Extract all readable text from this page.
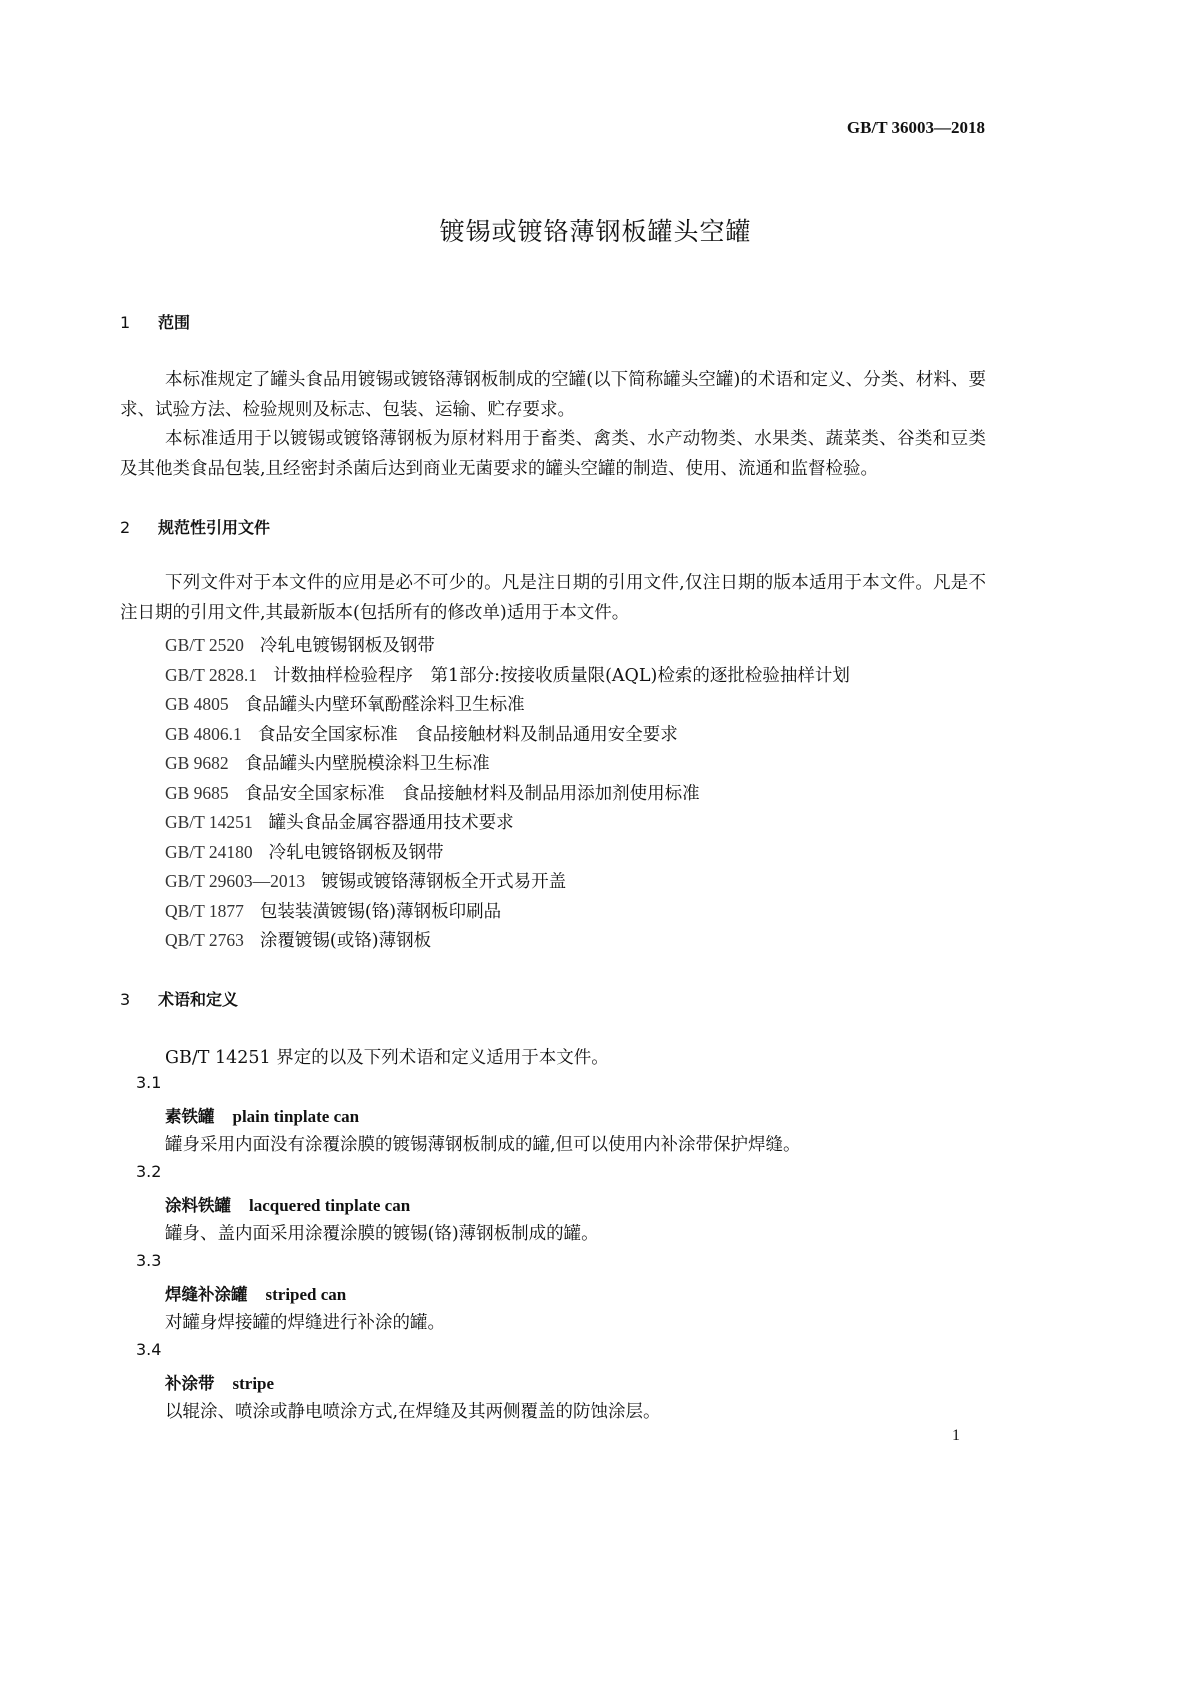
GB/T 36003—2018
镀锡或镀铬薄钢板罐头空罐
1 范围
本标准规定了罐头食品用镀锡或镀铬薄钢板制成的空罐(以下简称罐头空罐)的术语和定义、分类、材料、要求、试验方法、检验规则及标志、包装、运输、贮存要求。
本标准适用于以镀锡或镀铬薄钢板为原材料用于畜类、禽类、水产动物类、水果类、蔬菜类、谷类和豆类及其他类食品包装,且经密封杀菌后达到商业无菌要求的罐头空罐的制造、使用、流通和监督检验。
2 规范性引用文件
下列文件对于本文件的应用是必不可少的。凡是注日期的引用文件,仅注日期的版本适用于本文件。凡是不注日期的引用文件,其最新版本(包括所有的修改单)适用于本文件。
GB/T 2520 冷轧电镀锡钢板及钢带
GB/T 2828.1 计数抽样检验程序　第1部分:按接收质量限(AQL)检索的逐批检验抽样计划
GB 4805 食品罐头内壁环氧酚醛涂料卫生标准
GB 4806.1 食品安全国家标准　食品接触材料及制品通用安全要求
GB 9682 食品罐头内壁脱模涂料卫生标准
GB 9685 食品安全国家标准　食品接触材料及制品用添加剂使用标准
GB/T 14251 罐头食品金属容器通用技术要求
GB/T 24180 冷轧电镀铬钢板及钢带
GB/T 29603—2013 镀锡或镀铬薄钢板全开式易开盖
QB/T 1877 包装装潢镀锡(铬)薄钢板印刷品
QB/T 2763 涂覆镀锡(或铬)薄钢板
3 术语和定义
GB/T 14251 界定的以及下列术语和定义适用于本文件。
3.1
素铁罐 plain tinplate can
罐身采用内面没有涂覆涂膜的镀锡薄钢板制成的罐,但可以使用内补涂带保护焊缝。
3.2
涂料铁罐 lacquered tinplate can
罐身、盖内面采用涂覆涂膜的镀锡(铬)薄钢板制成的罐。
3.3
焊缝补涂罐 striped can
对罐身焊接罐的焊缝进行补涂的罐。
3.4
补涂带 stripe
以辊涂、喷涂或静电喷涂方式,在焊缝及其两侧覆盖的防蚀涂层。
1
